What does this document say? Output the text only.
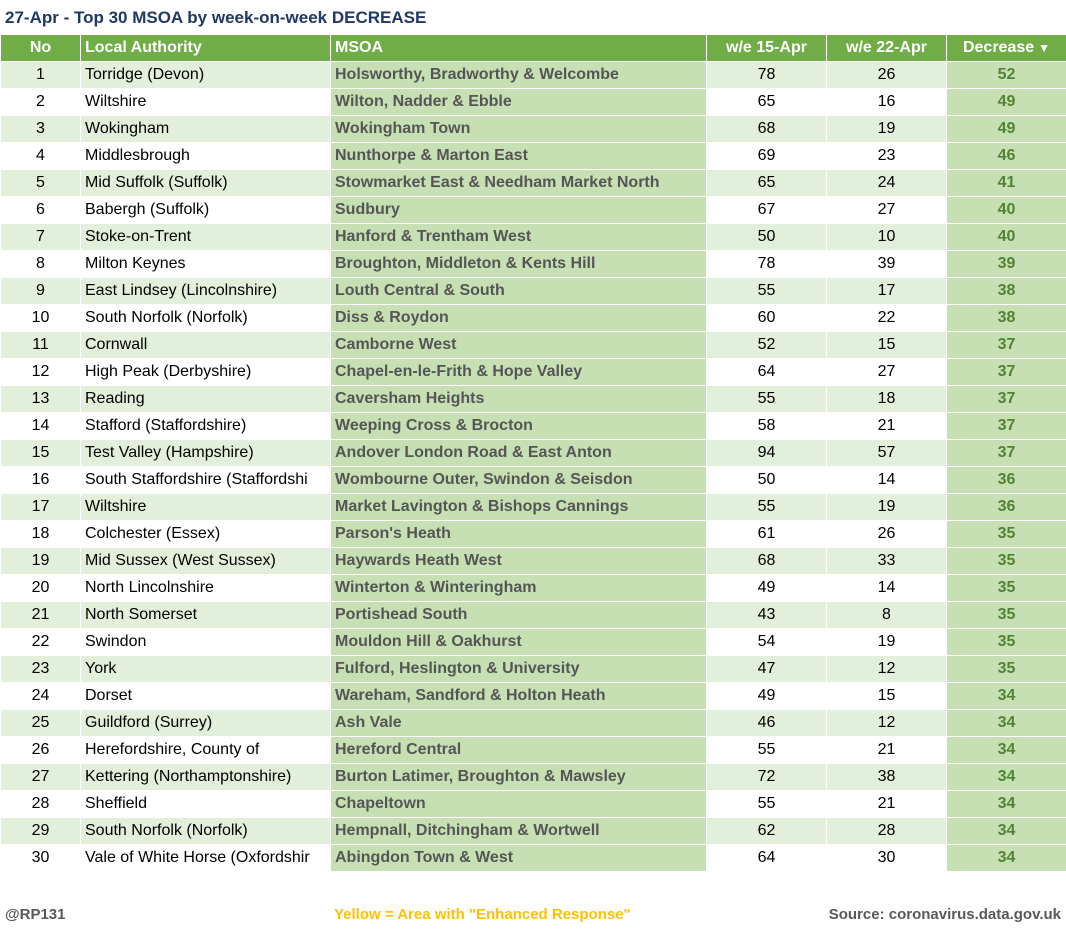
27-Apr - Top 30 MSOA by week-on-week DECREASE
No	Local Authority	MSOA	w/e 15-Apr	w/e 22-Apr	Decrease ▼
1	Torridge (Devon)	Holsworthy, Bradworthy & Welcombe	78	26	52
2	Wiltshire	Wilton, Nadder & Ebble	65	16	49
3	Wokingham	Wokingham Town	68	19	49
4	Middlesbrough	Nunthorpe & Marton East	69	23	46
5	Mid Suffolk (Suffolk)	Stowmarket East & Needham Market North	65	24	41
6	Babergh (Suffolk)	Sudbury	67	27	40
7	Stoke-on-Trent	Hanford & Trentham West	50	10	40
8	Milton Keynes	Broughton, Middleton & Kents Hill	78	39	39
9	East Lindsey (Lincolnshire)	Louth Central & South	55	17	38
10	South Norfolk (Norfolk)	Diss & Roydon	60	22	38
11	Cornwall	Camborne West	52	15	37
12	High Peak (Derbyshire)	Chapel-en-le-Frith & Hope Valley	64	27	37
13	Reading	Caversham Heights	55	18	37
14	Stafford (Staffordshire)	Weeping Cross & Brocton	58	21	37
15	Test Valley (Hampshire)	Andover London Road & East Anton	94	57	37
16	South Staffordshire (Staffordshi	Wombourne Outer, Swindon & Seisdon	50	14	36
17	Wiltshire	Market Lavington & Bishops Cannings	55	19	36
18	Colchester (Essex)	Parson's Heath	61	26	35
19	Mid Sussex (West Sussex)	Haywards Heath West	68	33	35
20	North Lincolnshire	Winterton & Winteringham	49	14	35
21	North Somerset	Portishead South	43	8	35
22	Swindon	Mouldon Hill & Oakhurst	54	19	35
23	York	Fulford, Heslington & University	47	12	35
24	Dorset	Wareham, Sandford & Holton Heath	49	15	34
25	Guildford (Surrey)	Ash Vale	46	12	34
26	Herefordshire, County of	Hereford Central	55	21	34
27	Kettering (Northamptonshire)	Burton Latimer, Broughton & Mawsley	72	38	34
28	Sheffield	Chapeltown	55	21	34
29	South Norfolk (Norfolk)	Hempnall, Ditchingham & Wortwell	62	28	34
30	Vale of White Horse (Oxfordshir	Abingdon Town & West	64	30	34
@RP131	Yellow = Area with "Enhanced Response"	Source: coronavirus.data.gov.uk
